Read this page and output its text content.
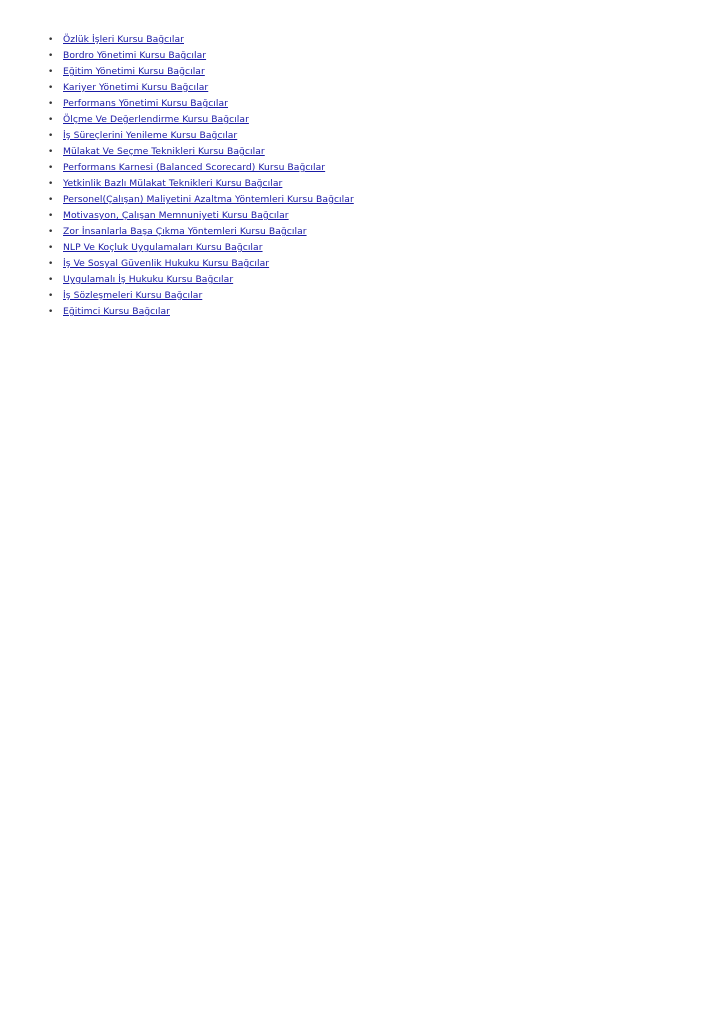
• Özlük İşleri Kursu Bağcılar
• Bordro Yönetimi Kursu Bağcılar
• Eğitim Yönetimi Kursu Bağcılar
• Kariyer Yönetimi Kursu Bağcılar
• Performans Yönetimi Kursu Bağcılar
• Ölçme Ve Değerlendirme Kursu Bağcılar
• İş Süreçlerini Yenileme Kursu Bağcılar
• Mülakat Ve Seçme Teknikleri Kursu Bağcılar
• Performans Karnesi (Balanced Scorecard) Kursu Bağcılar
• Yetkinlik Bazlı Mülakat Teknikleri Kursu Bağcılar
• Personel(Çalışan) Maliyetini Azaltma Yöntemleri Kursu Bağcılar
• Motivasyon, Çalışan Memnuniyeti Kursu Bağcılar
• Zor İnsanlarla Başa Çıkma Yöntemleri Kursu Bağcılar
• NLP Ve Koçluk Uygulamaları Kursu Bağcılar
• İş Ve Sosyal Güvenlik Hukuku Kursu Bağcılar
• Uygulamalı İş Hukuku Kursu Bağcılar
• İş Sözleşmeleri Kursu Bağcılar
• Eğitimci Kursu Bağcılar
